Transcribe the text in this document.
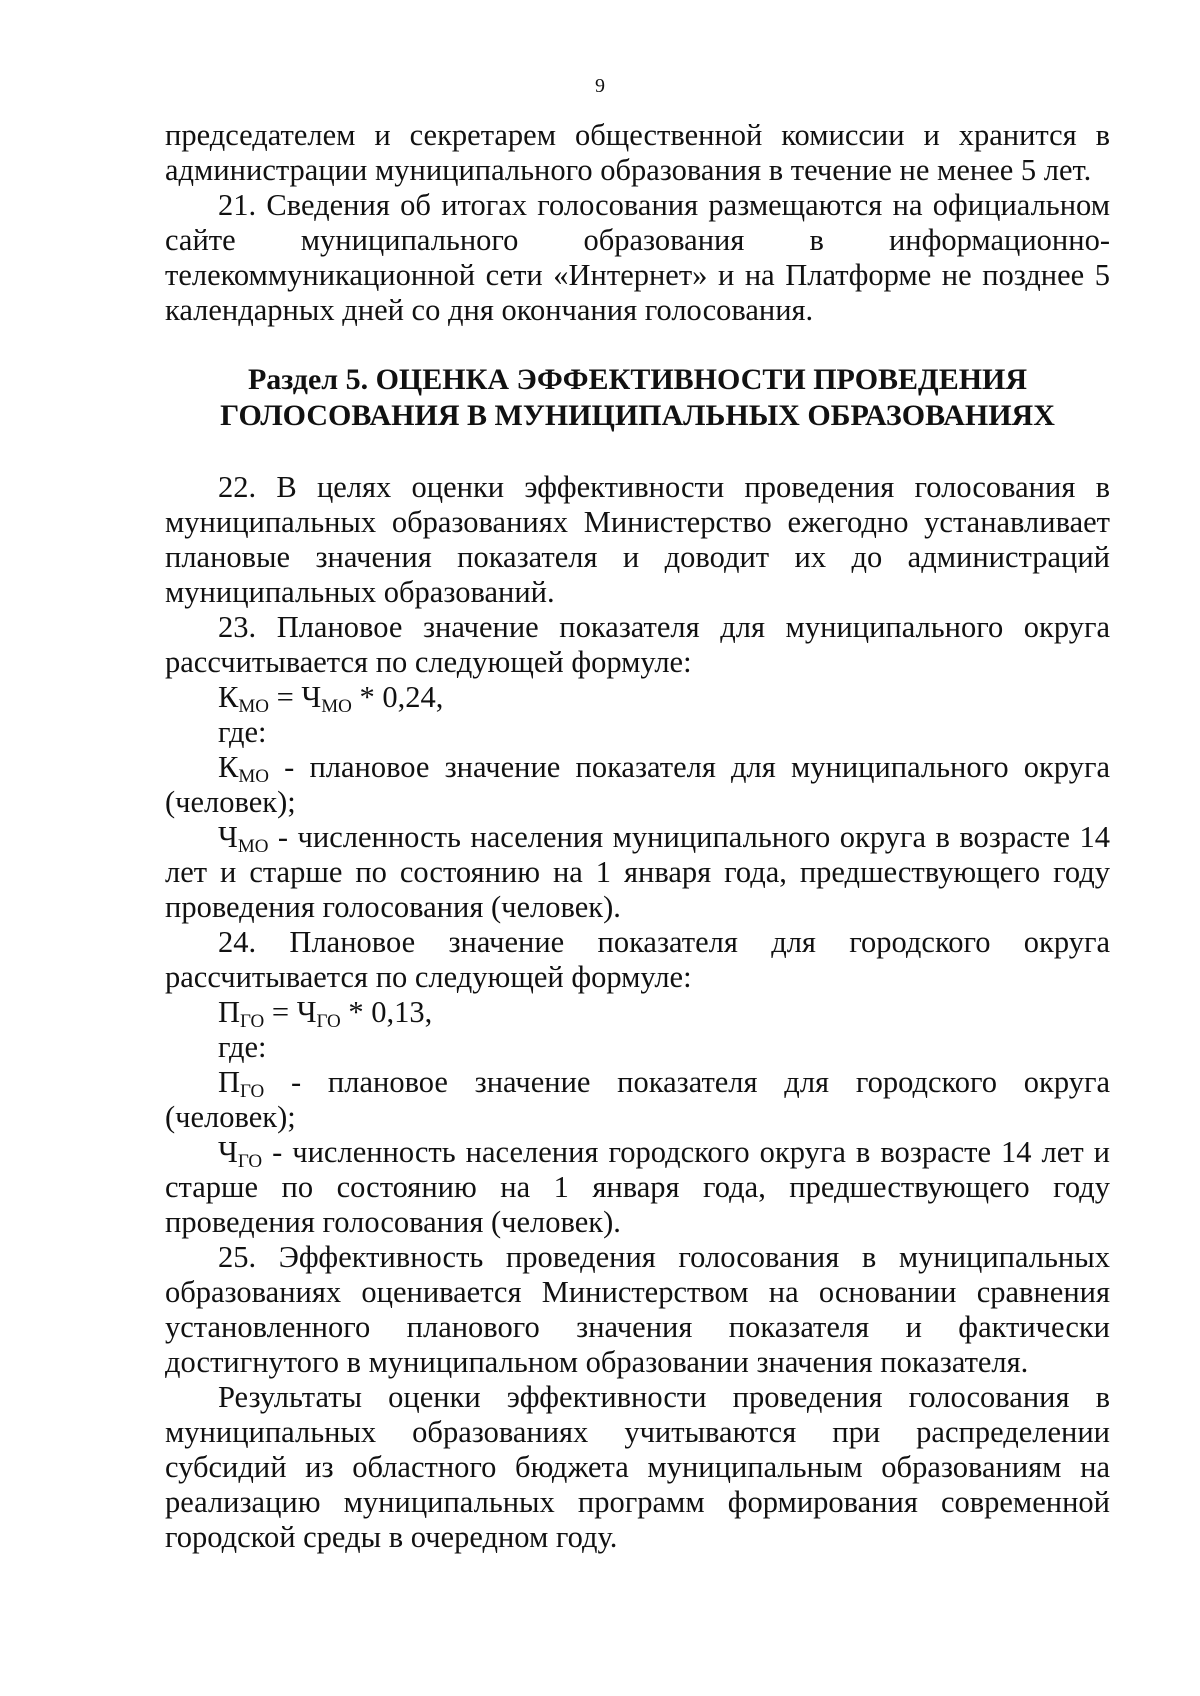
9

председателем и секретарем общественной комиссии и хранится в администрации муниципального образования в течение не менее 5 лет.

21. Сведения об итогах голосования размещаются на официальном сайте муниципального образования в информационно-телекоммуникационной сети «Интернет» и на Платформе не позднее 5 календарных дней со дня окончания голосования.

Раздел 5. ОЦЕНКА ЭФФЕКТИВНОСТИ ПРОВЕДЕНИЯ
ГОЛОСОВАНИЯ В МУНИЦИПАЛЬНЫХ ОБРАЗОВАНИЯХ

22. В целях оценки эффективности проведения голосования в муниципальных образованиях Министерство ежегодно устанавливает плановые значения показателя и доводит их до администраций муниципальных образований.

23. Плановое значение показателя для муниципального округа рассчитывается по следующей формуле:

$К_{МО} = Ч_{МО} * 0,24$,

где:

$К_{МО}$ - плановое значение показателя для муниципального округа (человек);

$Ч_{МО}$ - численность населения муниципального округа в возрасте 14 лет и старше по состоянию на 1 января года, предшествующего году проведения голосования (человек).

24. Плановое значение показателя для городского округа рассчитывается по следующей формуле:

$П_{ГО} = Ч_{ГО} * 0,13$,

где:

$П_{ГО}$ - плановое значение показателя для городского округа (человек);

$Ч_{ГО}$ - численность населения городского округа в возрасте 14 лет и старше по состоянию на 1 января года, предшествующего году проведения голосования (человек).

25. Эффективность проведения голосования в муниципальных образованиях оценивается Министерством на основании сравнения установленного планового значения показателя и фактически достигнутого в муниципальном образовании значения показателя.

Результаты оценки эффективности проведения голосования в муниципальных образованиях учитываются при распределении субсидий из областного бюджета муниципальным образованиям на реализацию муниципальных программ формирования современной городской среды в очередном году.
